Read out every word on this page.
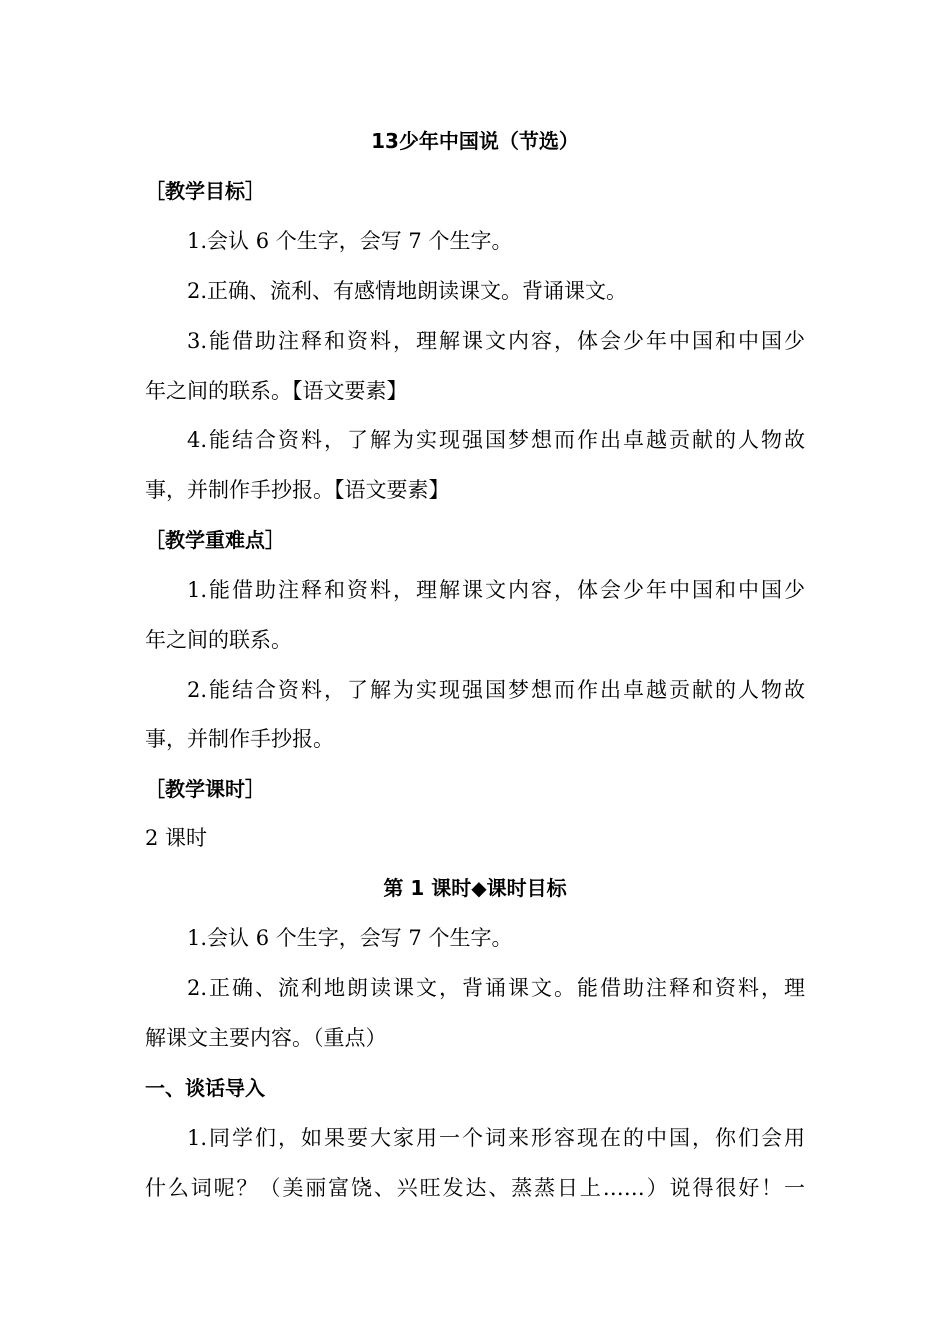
13少年中国说（节选）
［教学目标］
1.会认 6 个生字，会写 7 个生字。
2.正确、流利、有感情地朗读课文。背诵课文。
3.能借助注释和资料，理解课文内容，体会少年中国和中国少
年之间的联系。【语文要素】
4.能结合资料，了解为实现强国梦想而作出卓越贡献的人物故
事，并制作手抄报。【语文要素】
［教学重难点］
1.能借助注释和资料，理解课文内容，体会少年中国和中国少
年之间的联系。
2.能结合资料，了解为实现强国梦想而作出卓越贡献的人物故
事，并制作手抄报。
［教学课时］
2 课时
第 1 课时◆课时目标
1.会认 6 个生字，会写 7 个生字。
2.正确、流利地朗读课文，背诵课文。能借助注释和资料，理
解课文主要内容。（重点）
一、谈话导入
1.同学们，如果要大家用一个词来形容现在的中国，你们会用
什么词呢？（美丽富饶、兴旺发达、蒸蒸日上……）说得很好！一
